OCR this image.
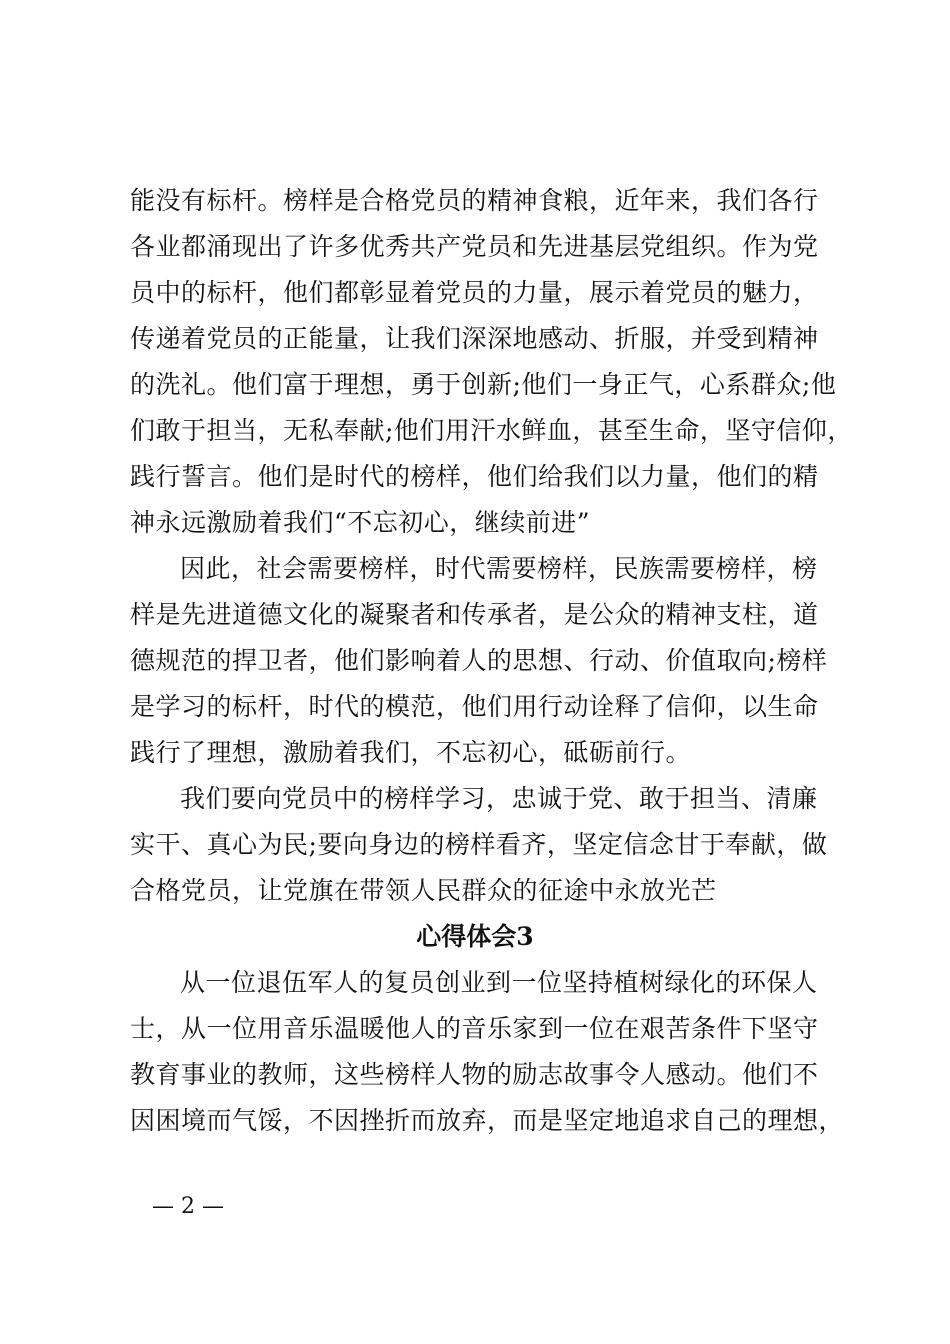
能没有标杆。榜样是合格党员的精神食粮，近年来，我们各行
各业都涌现出了许多优秀共产党员和先进基层党组织。作为党
员中的标杆，他们都彰显着党员的力量，展示着党员的魅力，
传递着党员的正能量，让我们深深地感动、折服，并受到精神
的洗礼。他们富于理想，勇于创新;他们一身正气，心系群众;他
们敢于担当，无私奉献;他们用汗水鲜血，甚至生命，坚守信仰，
践行誓言。他们是时代的榜样，他们给我们以力量，他们的精
神永远激励着我们“不忘初心，继续前进”
因此，社会需要榜样，时代需要榜样，民族需要榜样，榜
样是先进道德文化的凝聚者和传承者，是公众的精神支柱，道
德规范的捍卫者，他们影响着人的思想、行动、价值取向;榜样
是学习的标杆，时代的模范，他们用行动诠释了信仰，以生命
践行了理想，激励着我们，不忘初心，砥砺前行。
我们要向党员中的榜样学习，忠诚于党、敢于担当、清廉
实干、真心为民;要向身边的榜样看齐，坚定信念甘于奉献，做
合格党员，让党旗在带领人民群众的征途中永放光芒
心得体会3
从一位退伍军人的复员创业到一位坚持植树绿化的环保人
士，从一位用音乐温暖他人的音乐家到一位在艰苦条件下坚守
教育事业的教师，这些榜样人物的励志故事令人感动。他们不
因困境而气馁，不因挫折而放弃，而是坚定地追求自己的理想，
— 2 —
